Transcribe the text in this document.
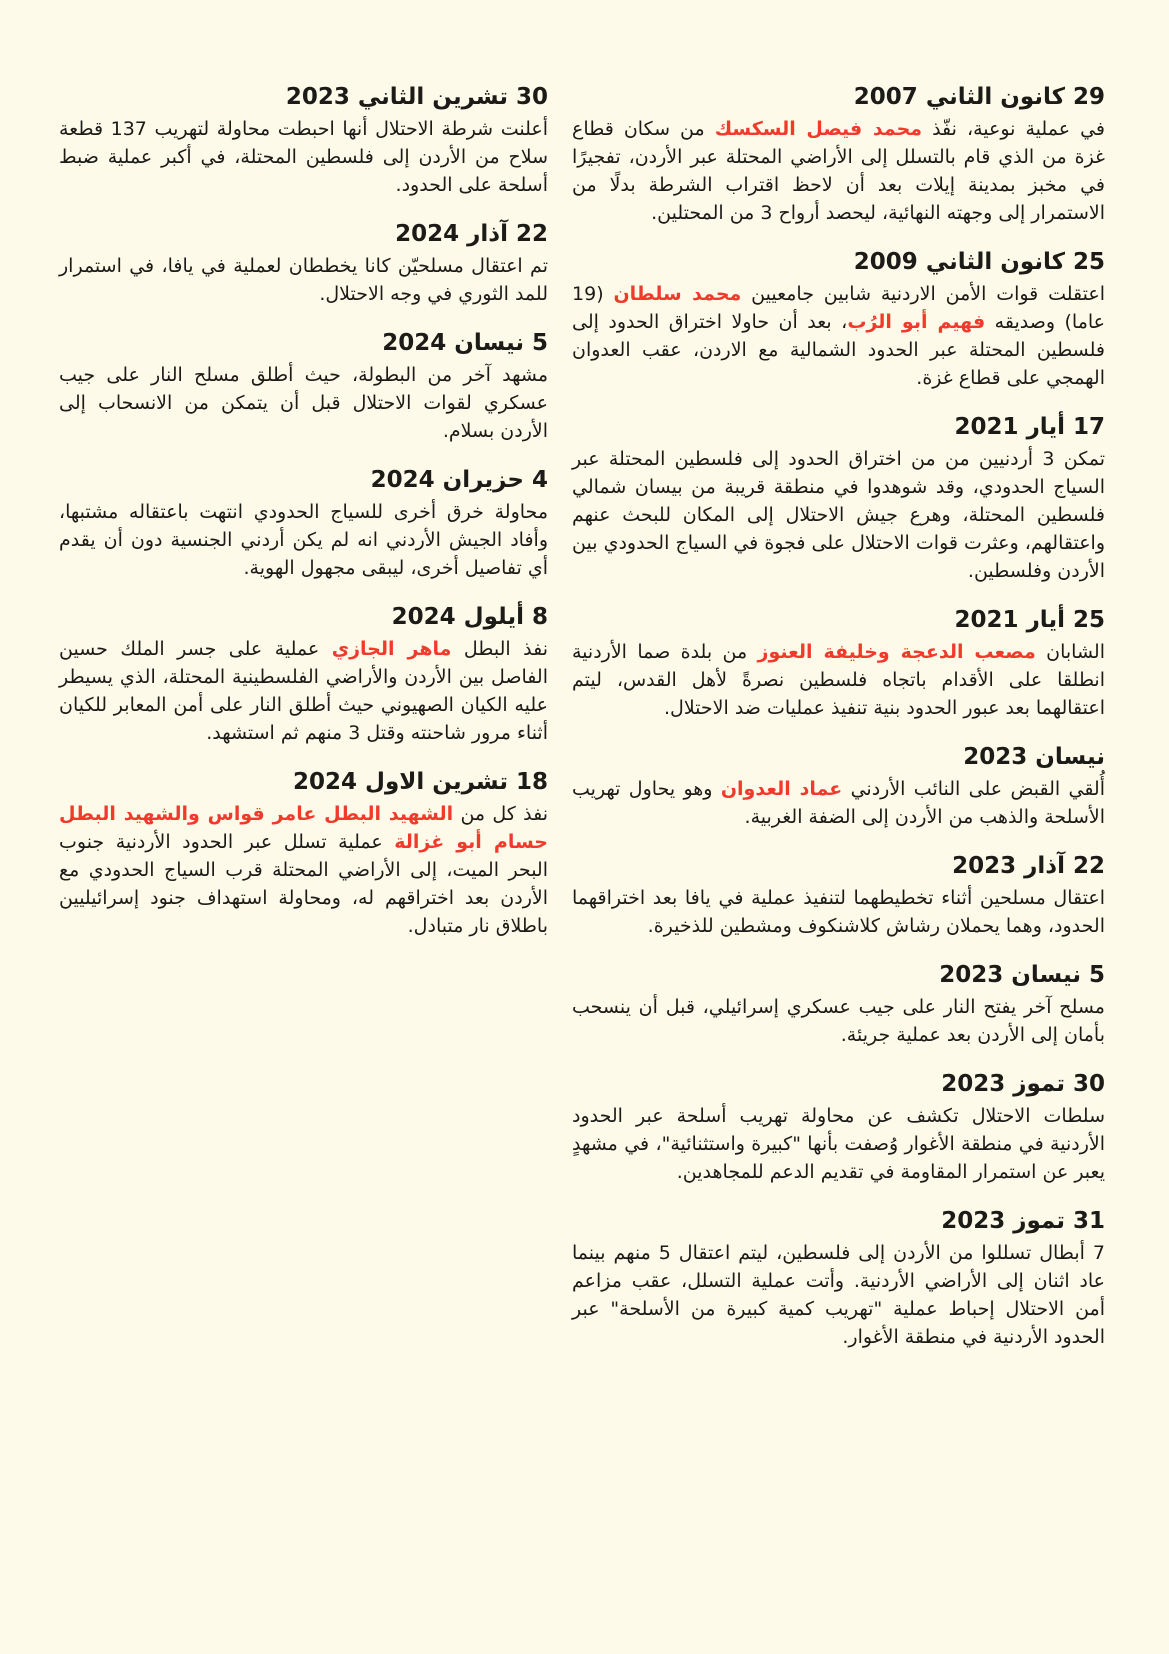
29 كانون الثاني 2007
في عملية نوعية، نفّذ محمد فيصل السكسك من سكان قطاع غزة من الذي قام بالتسلل إلى الأراضي المحتلة عبر الأردن، تفجيرًا في مخبز بمدينة إيلات بعد أن لاحظ اقتراب الشرطة بدلًا من الاستمرار إلى وجهته النهائية، ليحصد أرواح 3 من المحتلين.
25 كانون الثاني 2009
اعتقلت قوات الأمن الاردنية شابين جامعيين محمد سلطان (19 عاما) وصديقه فهيم أبو الرُب، بعد أن حاولا اختراق الحدود إلى فلسطين المحتلة عبر الحدود الشمالية مع الاردن، عقب العدوان الهمجي على قطاع غزة.
17 أيار 2021
تمكن 3 أردنيين من من اختراق الحدود إلى فلسطين المحتلة عبر السياج الحدودي، وقد شوهدوا في منطقة قريبة من بيسان شمالي فلسطين المحتلة، وهرع جيش الاحتلال إلى المكان للبحث عنهم واعتقالهم، وعثرت قوات الاحتلال على فجوة في السياج الحدودي بين الأردن وفلسطين.
25 أيار 2021
الشابان مصعب الدعجة وخليفة العنوز من بلدة صما الأردنية انطلقا على الأقدام باتجاه فلسطين نصرةً لأهل القدس، ليتم اعتقالهما بعد عبور الحدود بنية تنفيذ عمليات ضد الاحتلال.
نيسان 2023
أُلقي القبض على النائب الأردني عماد العدوان وهو يحاول تهريب الأسلحة والذهب من الأردن إلى الضفة الغربية.
22 آذار 2023
اعتقال مسلحين أثناء تخطيطهما لتنفيذ عملية في يافا بعد اختراقهما الحدود، وهما يحملان رشاش كلاشنكوف ومشطين للذخيرة.
5 نيسان 2023
مسلح آخر يفتح النار على جيب عسكري إسرائيلي، قبل أن ينسحب بأمان إلى الأردن بعد عملية جريئة.
30 تموز 2023
سلطات الاحتلال تكشف عن محاولة تهريب أسلحة عبر الحدود الأردنية في منطقة الأغوار وُصفت بأنها "كبيرة واستثنائية"، في مشهدٍ يعبر عن استمرار المقاومة في تقديم الدعم للمجاهدين.
31 تموز 2023
7 أبطال تسللوا من الأردن إلى فلسطين، ليتم اعتقال 5 منهم بينما عاد اثنان إلى الأراضي الأردنية. وأتت عملية التسلل، عقب مزاعم أمن الاحتلال إحباط عملية "تهريب كمية كبيرة من الأسلحة" عبر الحدود الأردنية في منطقة الأغوار.
30 تشرين الثاني 2023
أعلنت شرطة الاحتلال أنها احبطت محاولة لتهريب 137 قطعة سلاح من الأردن إلى فلسطين المحتلة، في أكبر عملية ضبط أسلحة على الحدود.
22 آذار 2024
تم اعتقال مسلحيّن كانا يخططان لعملية في يافا، في استمرار للمد الثوري في وجه الاحتلال.
5 نيسان 2024
مشهد آخر من البطولة، حيث أطلق مسلح النار على جيب عسكري لقوات الاحتلال قبل أن يتمكن من الانسحاب إلى الأردن بسلام.
4 حزيران 2024
محاولة خرق أخرى للسياج الحدودي انتهت باعتقاله مشتبها، وأفاد الجيش الأردني انه لم يكن أردني الجنسية دون أن يقدم أي تفاصيل أخرى، ليبقى مجهول الهوية.
8 أيلول 2024
نفذ البطل ماهر الجازي عملية على جسر الملك حسين الفاصل بين الأردن والأراضي الفلسطينية المحتلة، الذي يسيطر عليه الكيان الصهيوني حيث أطلق النار على أمن المعابر للكيان أثناء مرور شاحنته وقتل 3 منهم ثم استشهد.
18 تشرين الاول 2024
نفذ كل من الشهيد البطل عامر قواس والشهيد البطل حسام أبو غزالة عملية تسلل عبر الحدود الأردنية جنوب البحر الميت، إلى الأراضي المحتلة قرب السياج الحدودي مع الأردن بعد اختراقهم له، ومحاولة استهداف جنود إسرائيليين باطلاق نار متبادل.
